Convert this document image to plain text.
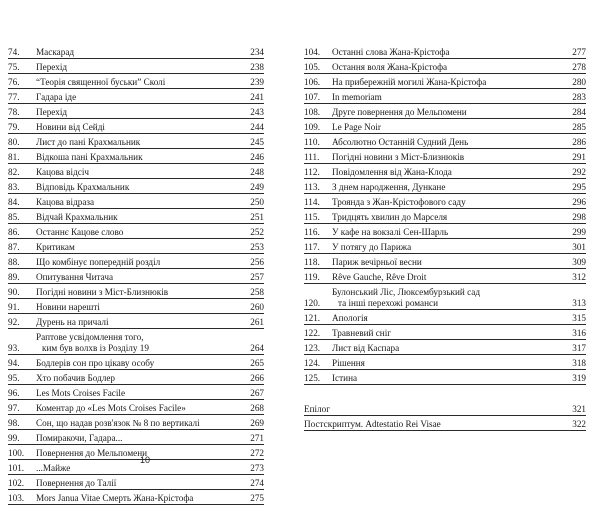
74.	Маскарад	234
75.	Перехід	238
76.	“Теорія священної буськи” Сколі	239
77.	Гадара іде	241
78.	Перехід	243
79.	Новини від Сейді	244
80.	Лист до пані Крахмальник	245
81.	Відкоша пані Крахмальник	246
82.	Кацова відсіч	248
83.	Відповідь Крахмальник	249
84.	Кацова відраза	250
85.	Відчай Крахмальник	251
86.	Останнє Кацове слово	252
87.	Критикам	253
88.	Що комбінує попередній розділ	256
89.	Опитування Читача	257
90.	Погідні новини з Міст-Близнюків	258
91.	Новини нарешті	260
92.	Дурень на причалі	261
93.
Раптове усвідомлення того,
ким був волхв із Розділу 19	264
94.	Бодлерів сон про цікаву особу	265
95.	Хто побачив Бодлер	266
96.	Les Mots Croises Facile	267
97.	Коментар до «Les Mots Croises Facile»	268
98.	Сон, що надав розв'язок № 8 по вертикалі	269
99.	Помиракочи, Гадара...	271
100.	Повернення до Мельпомени	272
101.	...Майже	273
102.	Повернення до Талії	274
103.	Mors Janua Vitae Смерть Жана-Крістофа	275
104.	Останні слова Жана-Крістофа	277
105.	Остання воля Жана-Крістофа	278
106.	На прибережній могилі Жана-Крістофа	280
107.	In memoriam	283
108.	Друге повернення до Мельпомени	284
109.	Le Page Noir	285
110.	Абсолютно Останній Судний День	286
111.	Погідні новини з Міст-Близнюків	291
112.	Повідомлення від Жана-Клода	292
113.	З днем народження, Дункане	295
114.	Троянда з Жан-Крістофового саду	296
115.	Тридцять хвилин до Марселя	298
116.	У кафе на вокзалі Сен-Шарль	299
117.	У потягу до Парижа	301
118.	Париж вечірньої весни	309
119.	Rêve Gauche, Rêve Droit	312
120.
Булонський Ліс, Люксембурзький сад
та інші перехожі романси	313
121.	Апологія	315
122.	Травневий сніг	316
123.	Лист від Каспара	317
124.	Рішення	318
125.	Істина	319
Епілог	321
Постскриптум. Adtestatio Rei Visae	322
10
